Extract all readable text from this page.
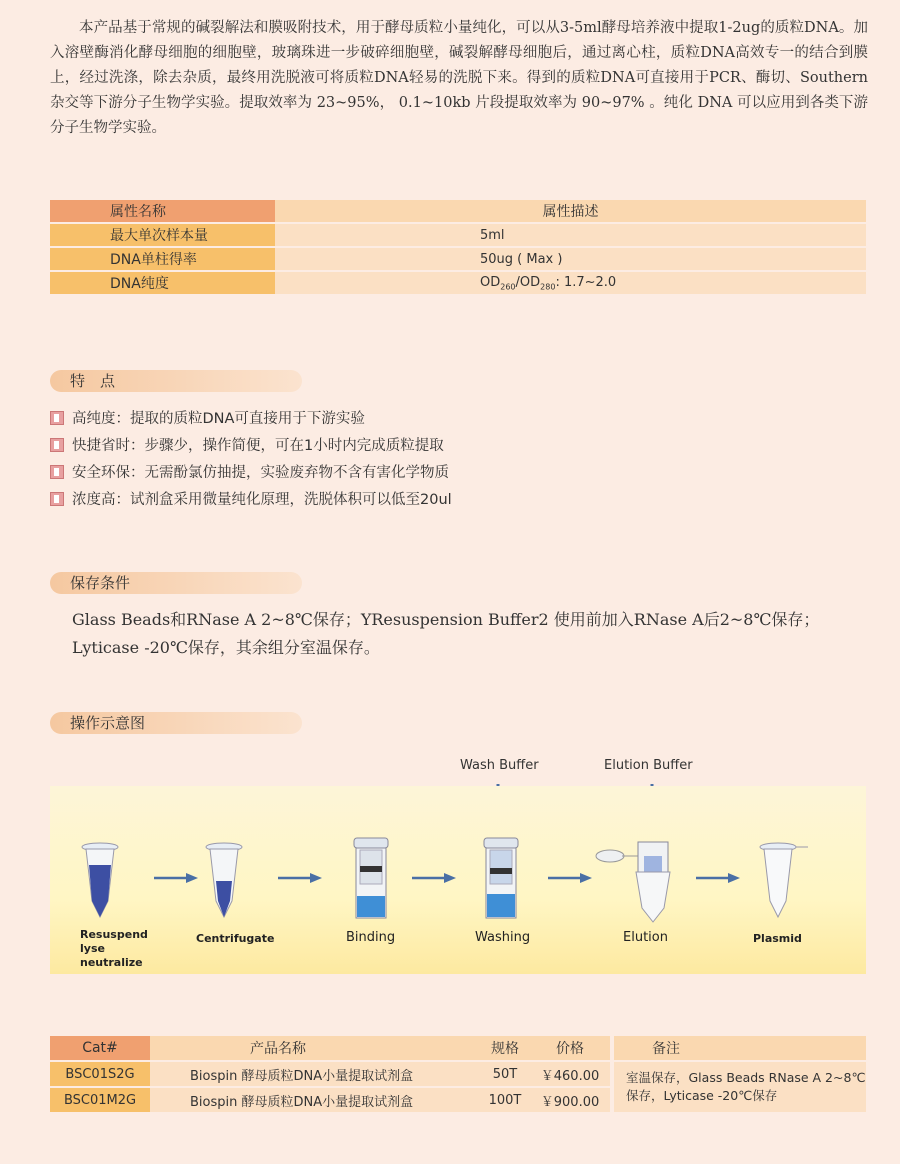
本产品基于常规的碱裂解法和膜吸附技术，用于酵母质粒小量纯化，可以从3-5ml酵母培养液中提取1-2ug的质粒DNA。加入溶壁酶消化酵母细胞的细胞壁，玻璃珠进一步破碎细胞壁，碱裂解酵母细胞后，通过离心柱，质粒DNA高效专一的结合到膜上，经过洗涤，除去杂质，最终用洗脱液可将质粒DNA轻易的洗脱下来。得到的质粒DNA可直接用于PCR、酶切、Southern杂交等下游分子生物学实验。提取效率为 23~95%， 0.1~10kb 片段提取效率为 90~97% 。纯化 DNA 可以应用到各类下游分子生物学实验。
属性名称	属性描述
最大单次样本量	5ml
DNA单柱得率	50ug ( Max )
DNA纯度	$OD_{260}/OD_{280}$: 1.7~2.0
特　点
高纯度：提取的质粒DNA可直接用于下游实验
快捷省时：步骤少，操作简便，可在1小时内完成质粒提取
安全环保：无需酚氯仿抽提，实验废弃物不含有害化学物质
浓度高：试剂盒采用微量纯化原理，洗脱体积可以低至20ul
保存条件
Glass Beads和RNase A 2~8℃保存；YResuspension Buffer2 使用前加入RNase A后2~8℃保存；
Lyticase -20℃保存，其余组分室温保存。
操作示意图
Wash Buffer	Elution Buffer
Resuspend
lyse
neutralize
Centrifugate	Binding	Washing	Elution	Plasmid
Cat#	产品名称	规格	价格	备注
BSC01S2G	Biospin 酵母质粒DNA小量提取试剂盒	50T	￥460.00	室温保存，Glass Beads RNase A 2~8℃保存，Lyticase -20℃保存
BSC01M2G	Biospin 酵母质粒DNA小量提取试剂盒	100T	￥900.00	
